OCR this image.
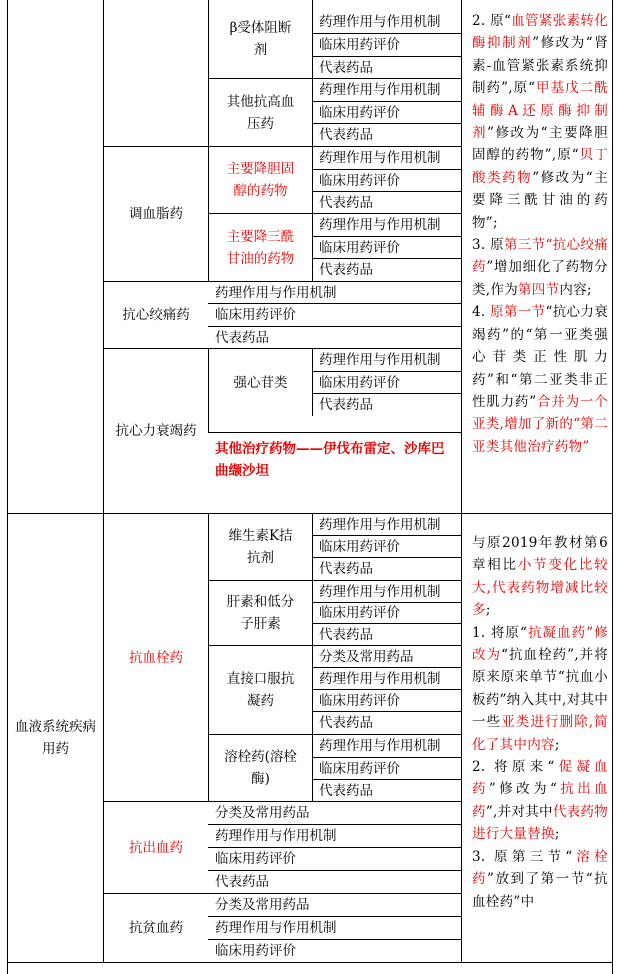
调血脂药
抗心绞痛药
抗心力衰竭药
β受体阻断剂
其他抗高血压药
主要降胆固醇的药物
主要降三酰甘油的药物
强心苷类
其他治疗药物——伊伐布雷定、沙库巴曲缬沙坦
药理作用与作用机制
临床用药评价
代表药品
药理作用与作用机制
临床用药评价
代表药品
药理作用与作用机制
临床用药评价
代表药品
药理作用与作用机制
临床用药评价
代表药品
药理作用与作用机制
临床用药评价
代表药品
药理作用与作用机制
临床用药评价
代表药品
2. 原“血管紧张素转化酶抑制剂”修改为“肾素-血管紧张素系统抑制药”,原“甲基戊二酰辅酶A还原酶抑制剂”修改为“主要降胆固醇的药物”,原“贝丁酸类药物”修改为“主要降三酰甘油的药物”;
3. 原第三节“抗心绞痛药”增加细化了药物分类,作为第四节内容;
4. 原第一节“抗心力衰竭药”的“第一亚类强心苷类正性肌力药”和“第二亚类非正性肌力药”合并为一个亚类,增加了新的“第二亚类其他治疗药物”
血液系统疾病用药
抗血栓药
抗出血药
抗贫血药
维生素K拮抗剂
肝素和低分子肝素
直接口服抗凝药
溶栓药(溶栓酶)
药理作用与作用机制
临床用药评价
代表药品
药理作用与作用机制
临床用药评价
代表药品
分类及常用药品
药理作用与作用机制
临床用药评价
代表药品
药理作用与作用机制
临床用药评价
代表药品
分类及常用药品
药理作用与作用机制
临床用药评价
代表药品
分类及常用药品
药理作用与作用机制
临床用药评价
与原2019年教材第6章相比小节变化比较大,代表药物增减比较多;
1. 将原“抗凝血药”修改为“抗血栓药”,并将原来原来单节“抗血小板药”纳入其中,对其中一些亚类进行删除,简化了其中内容;
2. 将原来“促凝血药”修改为“抗出血药”,并对其中代表药物进行大量替换;
3. 原第三节“溶栓药”放到了第一节“抗血栓药”中
